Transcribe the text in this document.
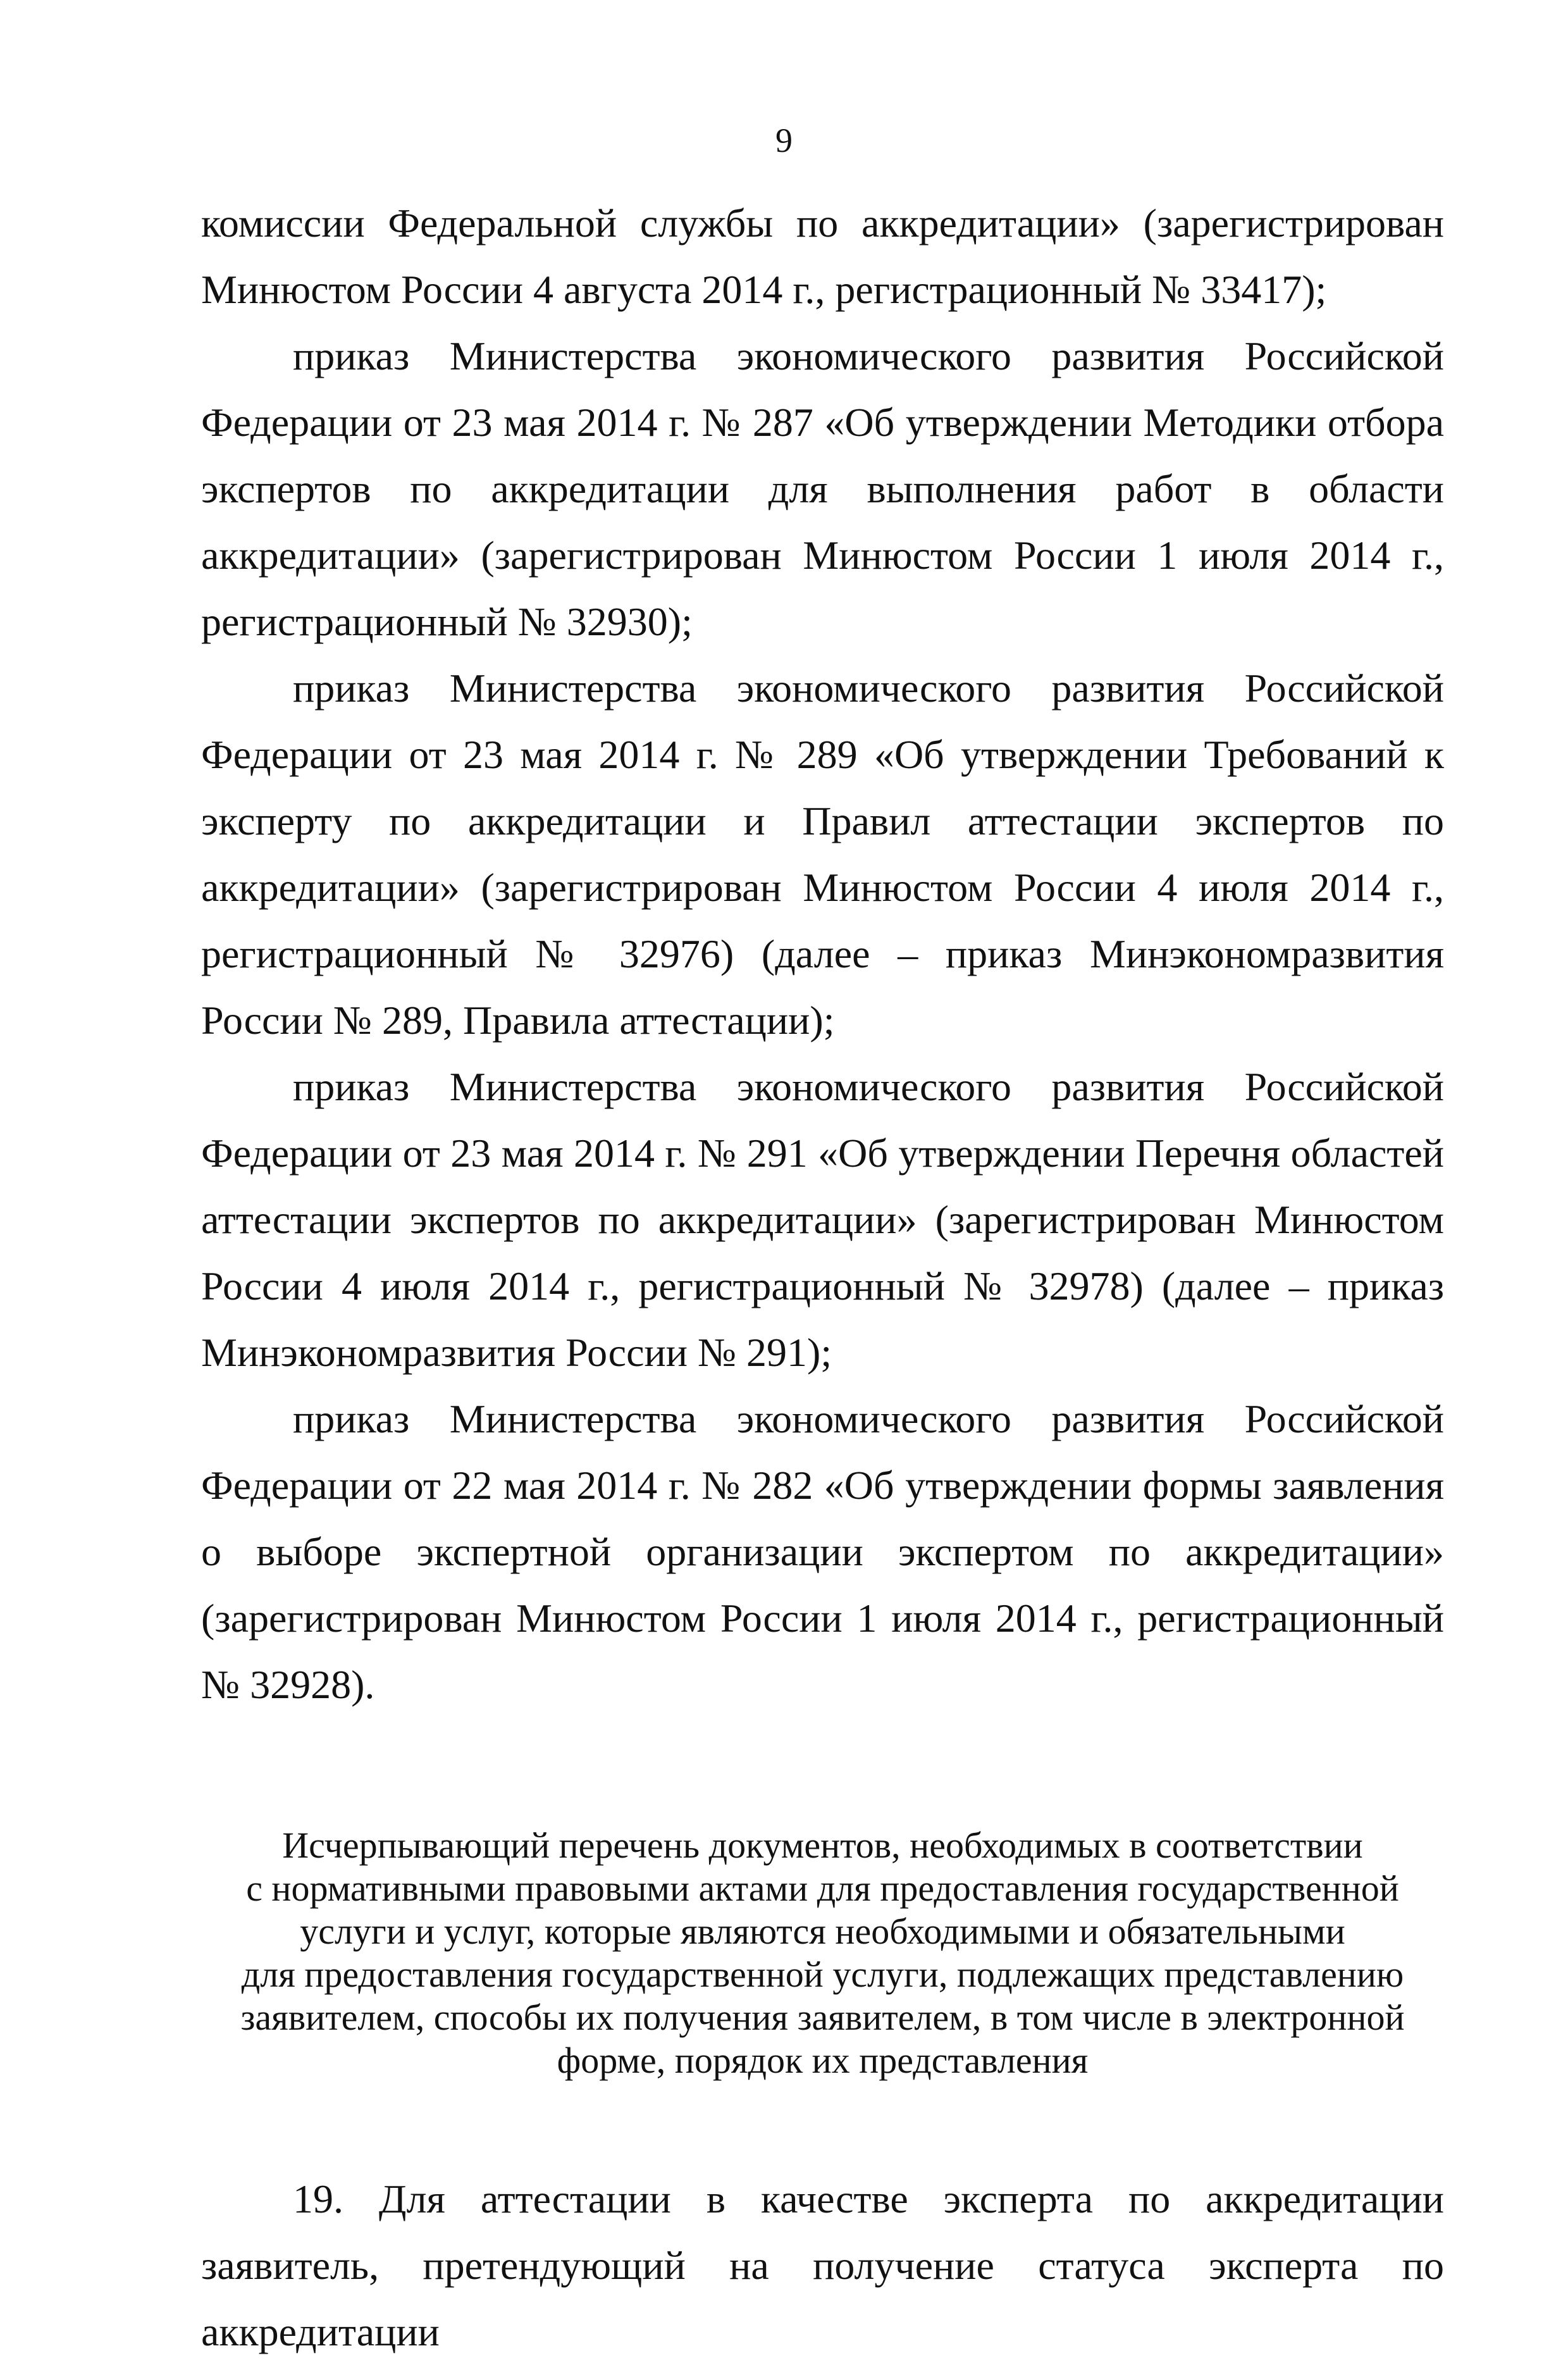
9

комиссии Федеральной службы по аккредитации» (зарегистрирован Минюстом России 4 августа 2014 г., регистрационный № 33417);

приказ Министерства экономического развития Российской Федерации от 23 мая 2014 г. № 287 «Об утверждении Методики отбора экспертов по аккредитации для выполнения работ в области аккредитации» (зарегистрирован Минюстом России 1 июля 2014 г., регистрационный № 32930);

приказ Министерства экономического развития Российской Федерации от 23 мая 2014 г. № 289 «Об утверждении Требований к эксперту по аккредитации и Правил аттестации экспертов по аккредитации» (зарегистрирован Минюстом России 4 июля 2014 г., регистрационный № 32976) (далее – приказ Минэкономразвития России № 289, Правила аттестации);

приказ Министерства экономического развития Российской Федерации от 23 мая 2014 г. № 291 «Об утверждении Перечня областей аттестации экспертов по аккредитации» (зарегистрирован Минюстом России 4 июля 2014 г., регистрационный № 32978) (далее – приказ Минэкономразвития России № 291);

приказ Министерства экономического развития Российской Федерации от 22 мая 2014 г. № 282 «Об утверждении формы заявления о выборе экспертной организации экспертом по аккредитации» (зарегистрирован Минюстом России 1 июля 2014 г., регистрационный № 32928).

Исчерпывающий перечень документов, необходимых в соответствии
с нормативными правовыми актами для предоставления государственной
услуги и услуг, которые являются необходимыми и обязательными
для предоставления государственной услуги, подлежащих представлению
заявителем, способы их получения заявителем, в том числе в электронной
форме, порядок их представления

19. Для аттестации в качестве эксперта по аккредитации заявитель, претендующий на получение статуса эксперта по аккредитации
